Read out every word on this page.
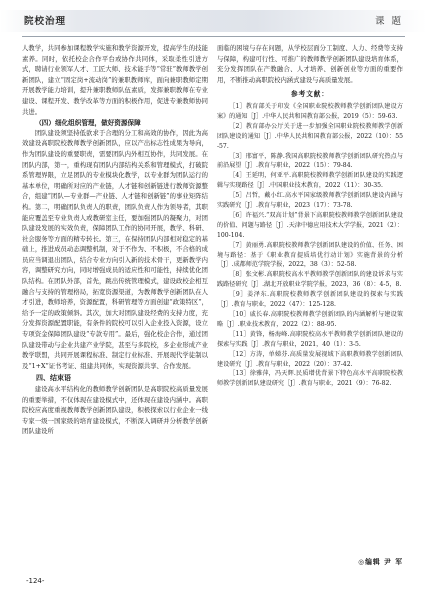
院校治理	课 题

人教学，共同参加课程教学实施和教学资源开发，提高学生的技能素养。同时，依托校企合作平台或协作共同体，采取柔性引进方式，聘请行业领军人才、工匠大师、技术能手等“常驻”教师教学创新团队，建立“固定岗+流动岗”的兼职教师库，面向兼职教师定期开展教学能力培训，提升兼职教师队伍素质，发挥兼职教师在专业建设、课程开发、教学改革等方面的积极作用，促进专兼教师协同共进。

（四）细化组织管理，做好资源保障

团队建设须坚持低欲求于合理的分工和高效的协作，因此为高效建设高职院校教师教学创新团队，应以产出标志性成果为导向，作为团队建设的重要职责，需要团队内外相互协作，共同发展。在团队内部，第一，重构现有团队内部结构关系和管理模式，打破院系管理界限，立足团队的专业模块化教学，以专业群为团队运行的基本单位，明确所对应的产业链，人才链和创新链进行教师资源整合，组建“团队—专业群—产业链、人才链和创新链”的事业矩阵结构。第二，明确团队负责人的职责，团队负责人作为领导者，其职能应覆盖至专业负责人或教研室主任，要加强团队的凝聚力，对团队建设发展的实效负责，保障团队工作的协同开展，教学、科研、社会服务等方面的精专转长。第三，在保持团队内部相对稳定的基础上，推进成员动态调整机制，对于不作为、不积极，不合格的成员应当调退出团队，结合专业方向引入新的技术骨干，更新教学内容，调整研究方向，同时增强成员的适应性和可能性，持续优化团队结构。在团队外部，首先，跳出传统管理模式，建设政校企相互融合与支持的管理格局，拓宽资源渠道，为教师教学创新团队在人才引进，教师培养，资源配置，科研管理等方面创建“政策特区”，给予一定的政策倾斜。其次，加大对团队建设经费的支持力度，充分发挥资源配置职能，有条件的院校可以引入企业投入资源，设立专项资金保障团队建设“专款专用”。最后，强化校企合作，通过团队建设带动与企业共建产业学院，甚至与多院校，多企业形成产业教学联盟，共同开展课程标准、制定行业标准、开展现代学徒制以及“1+X”证书考证、组建共同体，实现资源共享、合作发展。

四、结束语

建设高水平结构化的教师教学创新团队是高职院校高质量发展的重要举措，不仅体现在建设模式中，还体现在建设内涵中。高职院校应高度重视教师教学创新团队建设，积极探索以行业企业一线专家一级一国家级的培育建设模式，不断深入调研并分析教学创新团队建设所

面临的困境与存在问题，从学校层面分工制度、人力、经费等支持与保障，构建可行性、可推广的教师教学创新团队建设培育体系，充分发挥团队在产教融合、人才培养、创新创业等方面的重要作用，不断推动高职院校内涵式建设与高质量发展。

参考文献：

［1］教育部关于印发《全国职业院校教师教学创新团队建设方案》的通知［J］.中华人民共和国教育部公报，2019（5）：59-63.

［2］教育部办公厅关于进一步加强全国职业院校教师教学创新团队建设的通知［J］.中华人民共和国教育部公报，2022（10）：55-57.

［3］邢富平，陈静.我国高职院校教师教学创新团队研究热点与前沿展望［J］.教育与职业，2022（15）：79-84.

［4］王延明，何亚平.高职院校教师教学创新团队建设的实践逻辑与实现路径［J］.中国职业技术教育，2022（11）：30-35.

［5］吕哲，戴小红.高水平国家级教师教学创新团队建设内涵与实践研究［J］.教育与职业，2023（17）：73-78.

［6］许福兴.“双高计划”背景下高职院校教师教学创新团队建设的价值、问题与路径［J］.天津中德应用技术大学学报，2021（2）：100-104.

［7］黄丽勇.高职院校教师教学创新团队建设的价值、任务、困境与路径：基于《职业教育提质培优行动计划》实施背景的分析［J］.成都师范学院学报，2022，38（3）：52-58.

［8］张文彬.高职院校高水平教师教学创新团队的建设诉求与实践路径研究［J］.湖北开放职业学院学报，2023，36（8）：4-5，8.

［9］姜泽东.高职院校教师教学创新团队建设的探索与实践［J］.教育与职业，2022（47）：125-128.

［10］戚长春.高职院校教师教学创新团队的内涵解析与建设策略［J］.职业技术教育，2022（2）：88-95.

［11］黄锋，杨海峰.高职院校高水平教师教学创新团队建设的探索与实践［J］.教育与职业，2021，40（1）：3-5.

［12］方涛，单娣芬.高质量发展视域下高职教师教学创新团队建设研究［J］.教育与职业，2022（20）：37-42.

［13］徐雅萍，冯天辉.民质增优背景下特色高水平高职院校教师教学创新团队建设研究［J］.教育与职业，2021（9）：76-82.

◎编辑 尹 军
-124-
